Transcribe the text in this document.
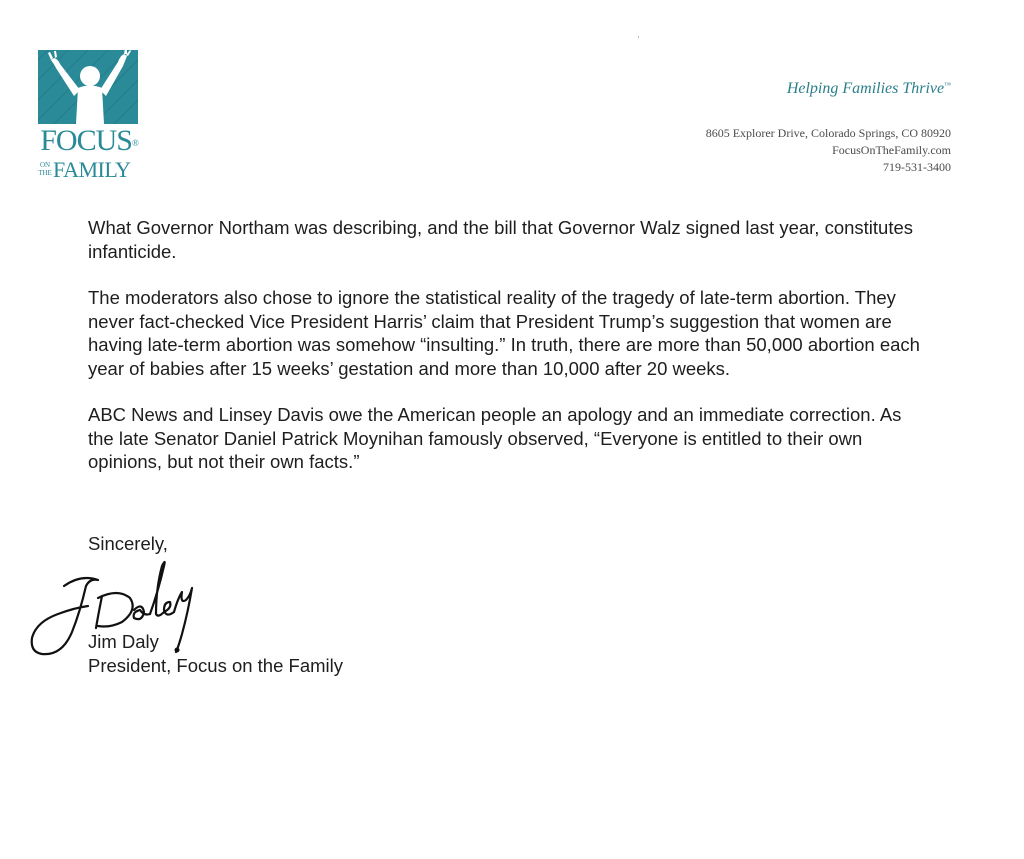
FOCUS®
ON
THE FAMILY
Helping Families Thrive™
8605 Explorer Drive, Colorado Springs, CO 80920
FocusOnTheFamily.com
719-531-3400

What Governor Northam was describing, and the bill that Governor Walz signed last year, constitutes infanticide.

The moderators also chose to ignore the statistical reality of the tragedy of late-term abortion. They never fact-checked Vice President Harris’ claim that President Trump’s suggestion that women are having late-term abortion was somehow “insulting.” In truth, there are more than 50,000 abortion each year of babies after 15 weeks’ gestation and more than 10,000 after 20 weeks.

ABC News and Linsey Davis owe the American people an apology and an immediate correction. As the late Senator Daniel Patrick Moynihan famously observed, “Everyone is entitled to their own opinions, but not their own facts.”

Sincerely,
Jim Daly
President, Focus on the Family
